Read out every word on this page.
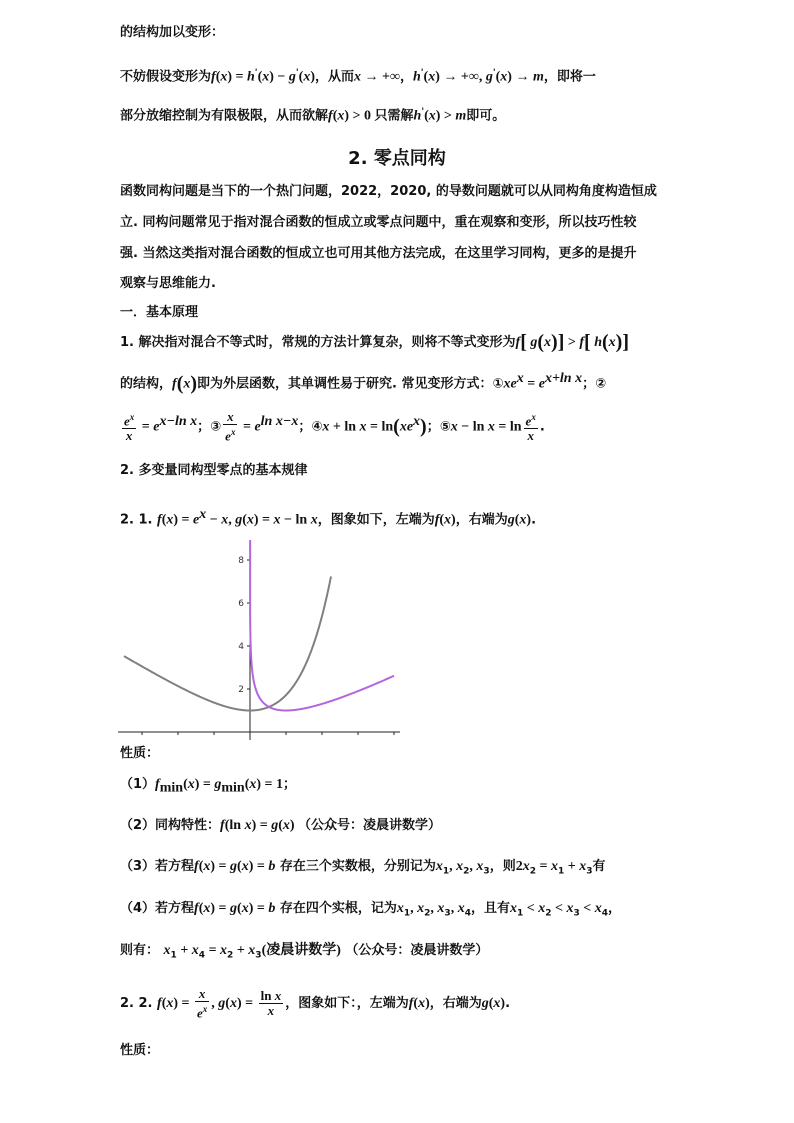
的结构加以变形：
不妨假设变形为f(x) = h'(x) − g'(x)，从而x → +∞，h'(x) → +∞, g'(x) → m，即将一
部分放缩控制为有限极限，从而欲解f(x) > 0 只需解h'(x) > m即可。
2. 零点同构
函数同构问题是当下的一个热门问题，2022，2020, 的导数问题就可以从同构角度构造恒成
立. 同构问题常见于指对混合函数的恒成立或零点问题中，重在观察和变形，所以技巧性较
强. 当然这类指对混合函数的恒成立也可用其他方法完成，在这里学习同构，更多的是提升
观察与思维能力.
一．基本原理
1. 解决指对混合不等式时，常规的方法计算复杂，则将不等式变形为f[ g(x)] > f[ h(x)]
的结构，f(x)即为外层函数，其单调性易于研究. 常见变形方式：$①xe^x = e^{x+ln x}$；②
$\frac{e^x}{x} = e^{x-ln x}$；③ $\frac{x}{e^x} = e^{ln x-x}$；④x + $\ln x = \ln(xe^x)$；⑤x − $\ln x = \ln \frac{e^x}{x}$ .
2. 多变量同构型零点的基本规律
2. 1. $f(x) = e^x - x$, g(x) = x − ln x，图象如下，左端为f(x)，右端为g(x).
2
4
6
8
性质：
$(1)f_{min}(x) = g_{min}(x) = 1$；
（2）同构特性：f(ln x) = g(x) （公众号：凌晨讲数学）
（3）若方程f(x) = g(x) = b 存在三个实数根，分别记为$x_1$, $x_2$, $x_3$，则$2x_2 = x_1 + x_3$有
（4）若方程f(x) = g(x) = b 存在四个实根，记为$x_1$, $x_2$, $x_3$, $x_4$，且有$x_1 < x_2 < x_3 < x_4$，
则有： $x_1 + x_4 = x_2 + x_3$(凌晨讲数学) （公众号：凌晨讲数学）
2. 2. $f(x) = \frac{x}{e^x}$ , $g(x) = \frac{\text{ln x}}{x}$ ，图象如下：，左端为f(x)，右端为g(x).
性质：
